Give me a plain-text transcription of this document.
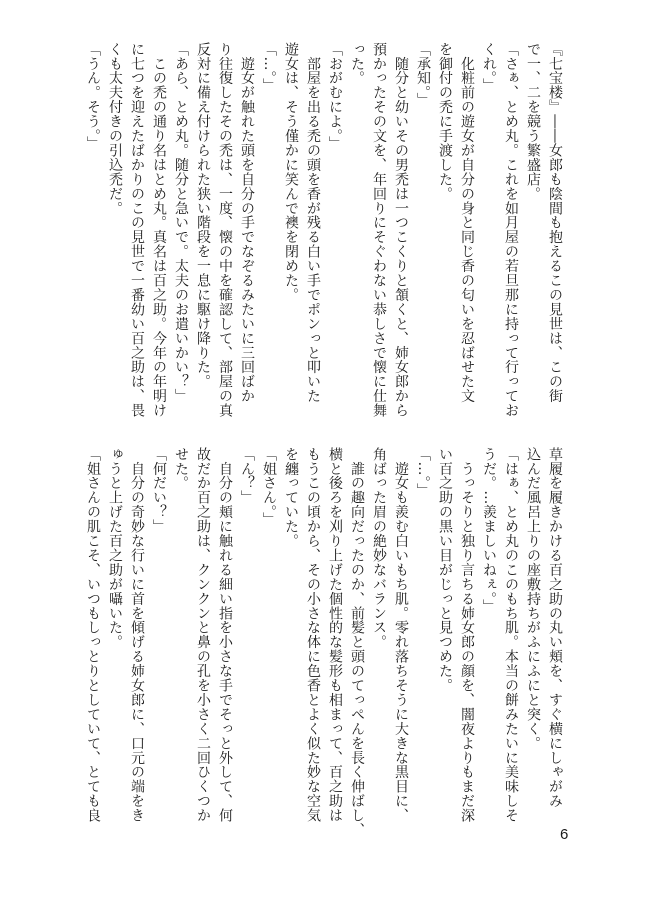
『七宝楼』――女郎も陰間も抱えるこの見世は、この街
で一、二を競う繁盛店。
「さぁ、とめ丸。これを如月屋の若旦那に持って行ってお
くれ。」
　化粧前の遊女が自分の身と同じ香の匂いを忍ばせた文
を御付の禿に手渡した。
「承知。」
　随分と幼いその男禿は一つこくりと頷くと、姉女郎から
預かったその文を、年回りにそぐわない恭しさで懐に仕舞
った。
「おがむによ。」
　部屋を出る禿の頭を香が残る白い手でポンっと叩いた
遊女は、そう僅かに笑んで襖を閉めた。
「…。」
　遊女が触れた頭を自分の手でなぞるみたいに三回ばか
り往復したその禿は、一度、懐の中を確認して、部屋の真
反対に備え付けられた狭い階段を一息に駆け降りた。
「あら、とめ丸。随分と急いで。太夫のお遣いかい？」
　この禿の通り名はとめ丸。真名は百之助。今年の年明け
に七つを迎えたばかりのこの見世で一番幼い百之助は、畏
くも太夫付きの引込禿だ。
「うん。そう。」
草履を履きかける百之助の丸い頬を、すぐ横にしゃがみ
込んだ風呂上りの座敷持ちがふにふにと突く。
「はぁ、とめ丸のこのもち肌。本当の餅みたいに美味しそ
うだ。…羨ましいねぇ。」
　うっそりと独り言ちる姉女郎の顔を、闇夜よりもまだ深
い百之助の黒い目がじっと見つめた。
「…。」
　遊女も羨む白いもち肌。零れ落ちそうに大きな黒目に、
角ばった眉の絶妙なバランス。
　誰の趣向だったのか、前髪と頭のてっぺんを長く伸ばし、
横と後ろを刈り上げた個性的な髪形も相まって、百之助は
もうこの頃から、その小さな体に色香とよく似た妙な空気
を纏っていた。
「姐さん。」
「ん？」
　自分の頬に触れる細い指を小さな手でそっと外して、何
故だか百之助は、クンクンと鼻の孔を小さく二回ひくつか
せた。
「何だい？」
　自分の奇妙な行いに首を傾げる姉女郎に、口元の端をき
ゅうと上げた百之助が囁いた。
「姐さんの肌こそ、いつもしっとりとしていて、とても良
6
